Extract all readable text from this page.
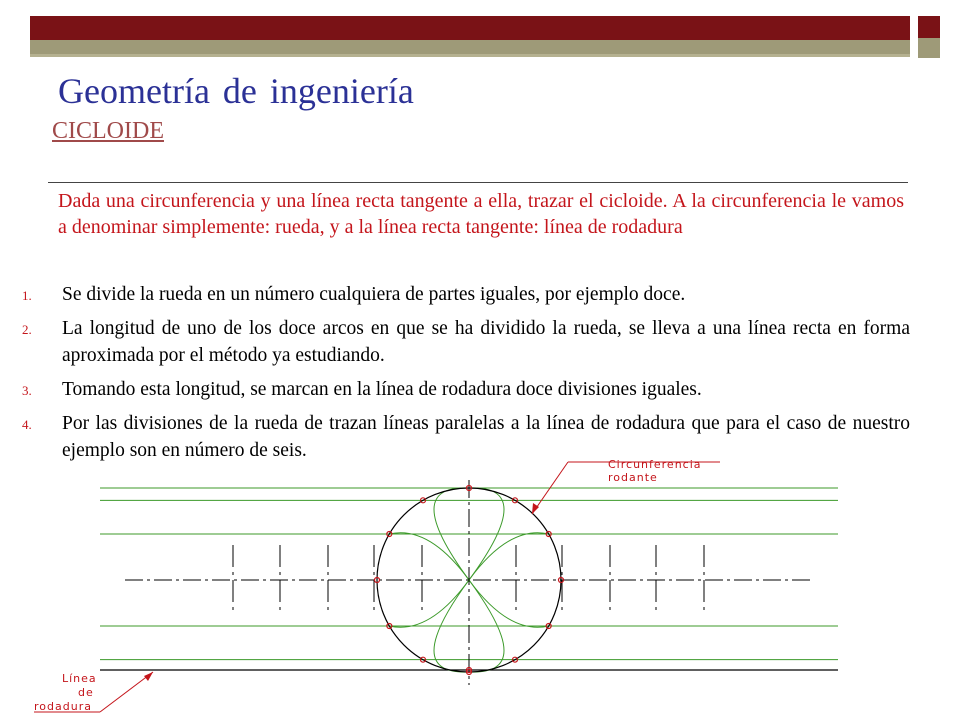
Geometría de ingeniería
CICLOIDE

Dada una circunferencia y una línea recta tangente a ella, trazar el cicloide. A la circunferencia le vamos a denominar simplemente: rueda, y a la línea recta tangente: línea de rodadura

1. Se divide la rueda en un número cualquiera de partes iguales, por ejemplo doce.
2. La longitud de uno de los doce arcos en que se ha dividido la rueda, se lleva a una línea recta en forma aproximada por el método ya estudiando.
3. Tomando esta longitud, se marcan en la línea de rodadura doce divisiones iguales.
4. Por las divisiones de la rueda de trazan líneas paralelas a la línea de rodadura que para el caso de nuestro ejemplo son en número de seis.
Circunferencia
rodante
Línea
de
rodadura
